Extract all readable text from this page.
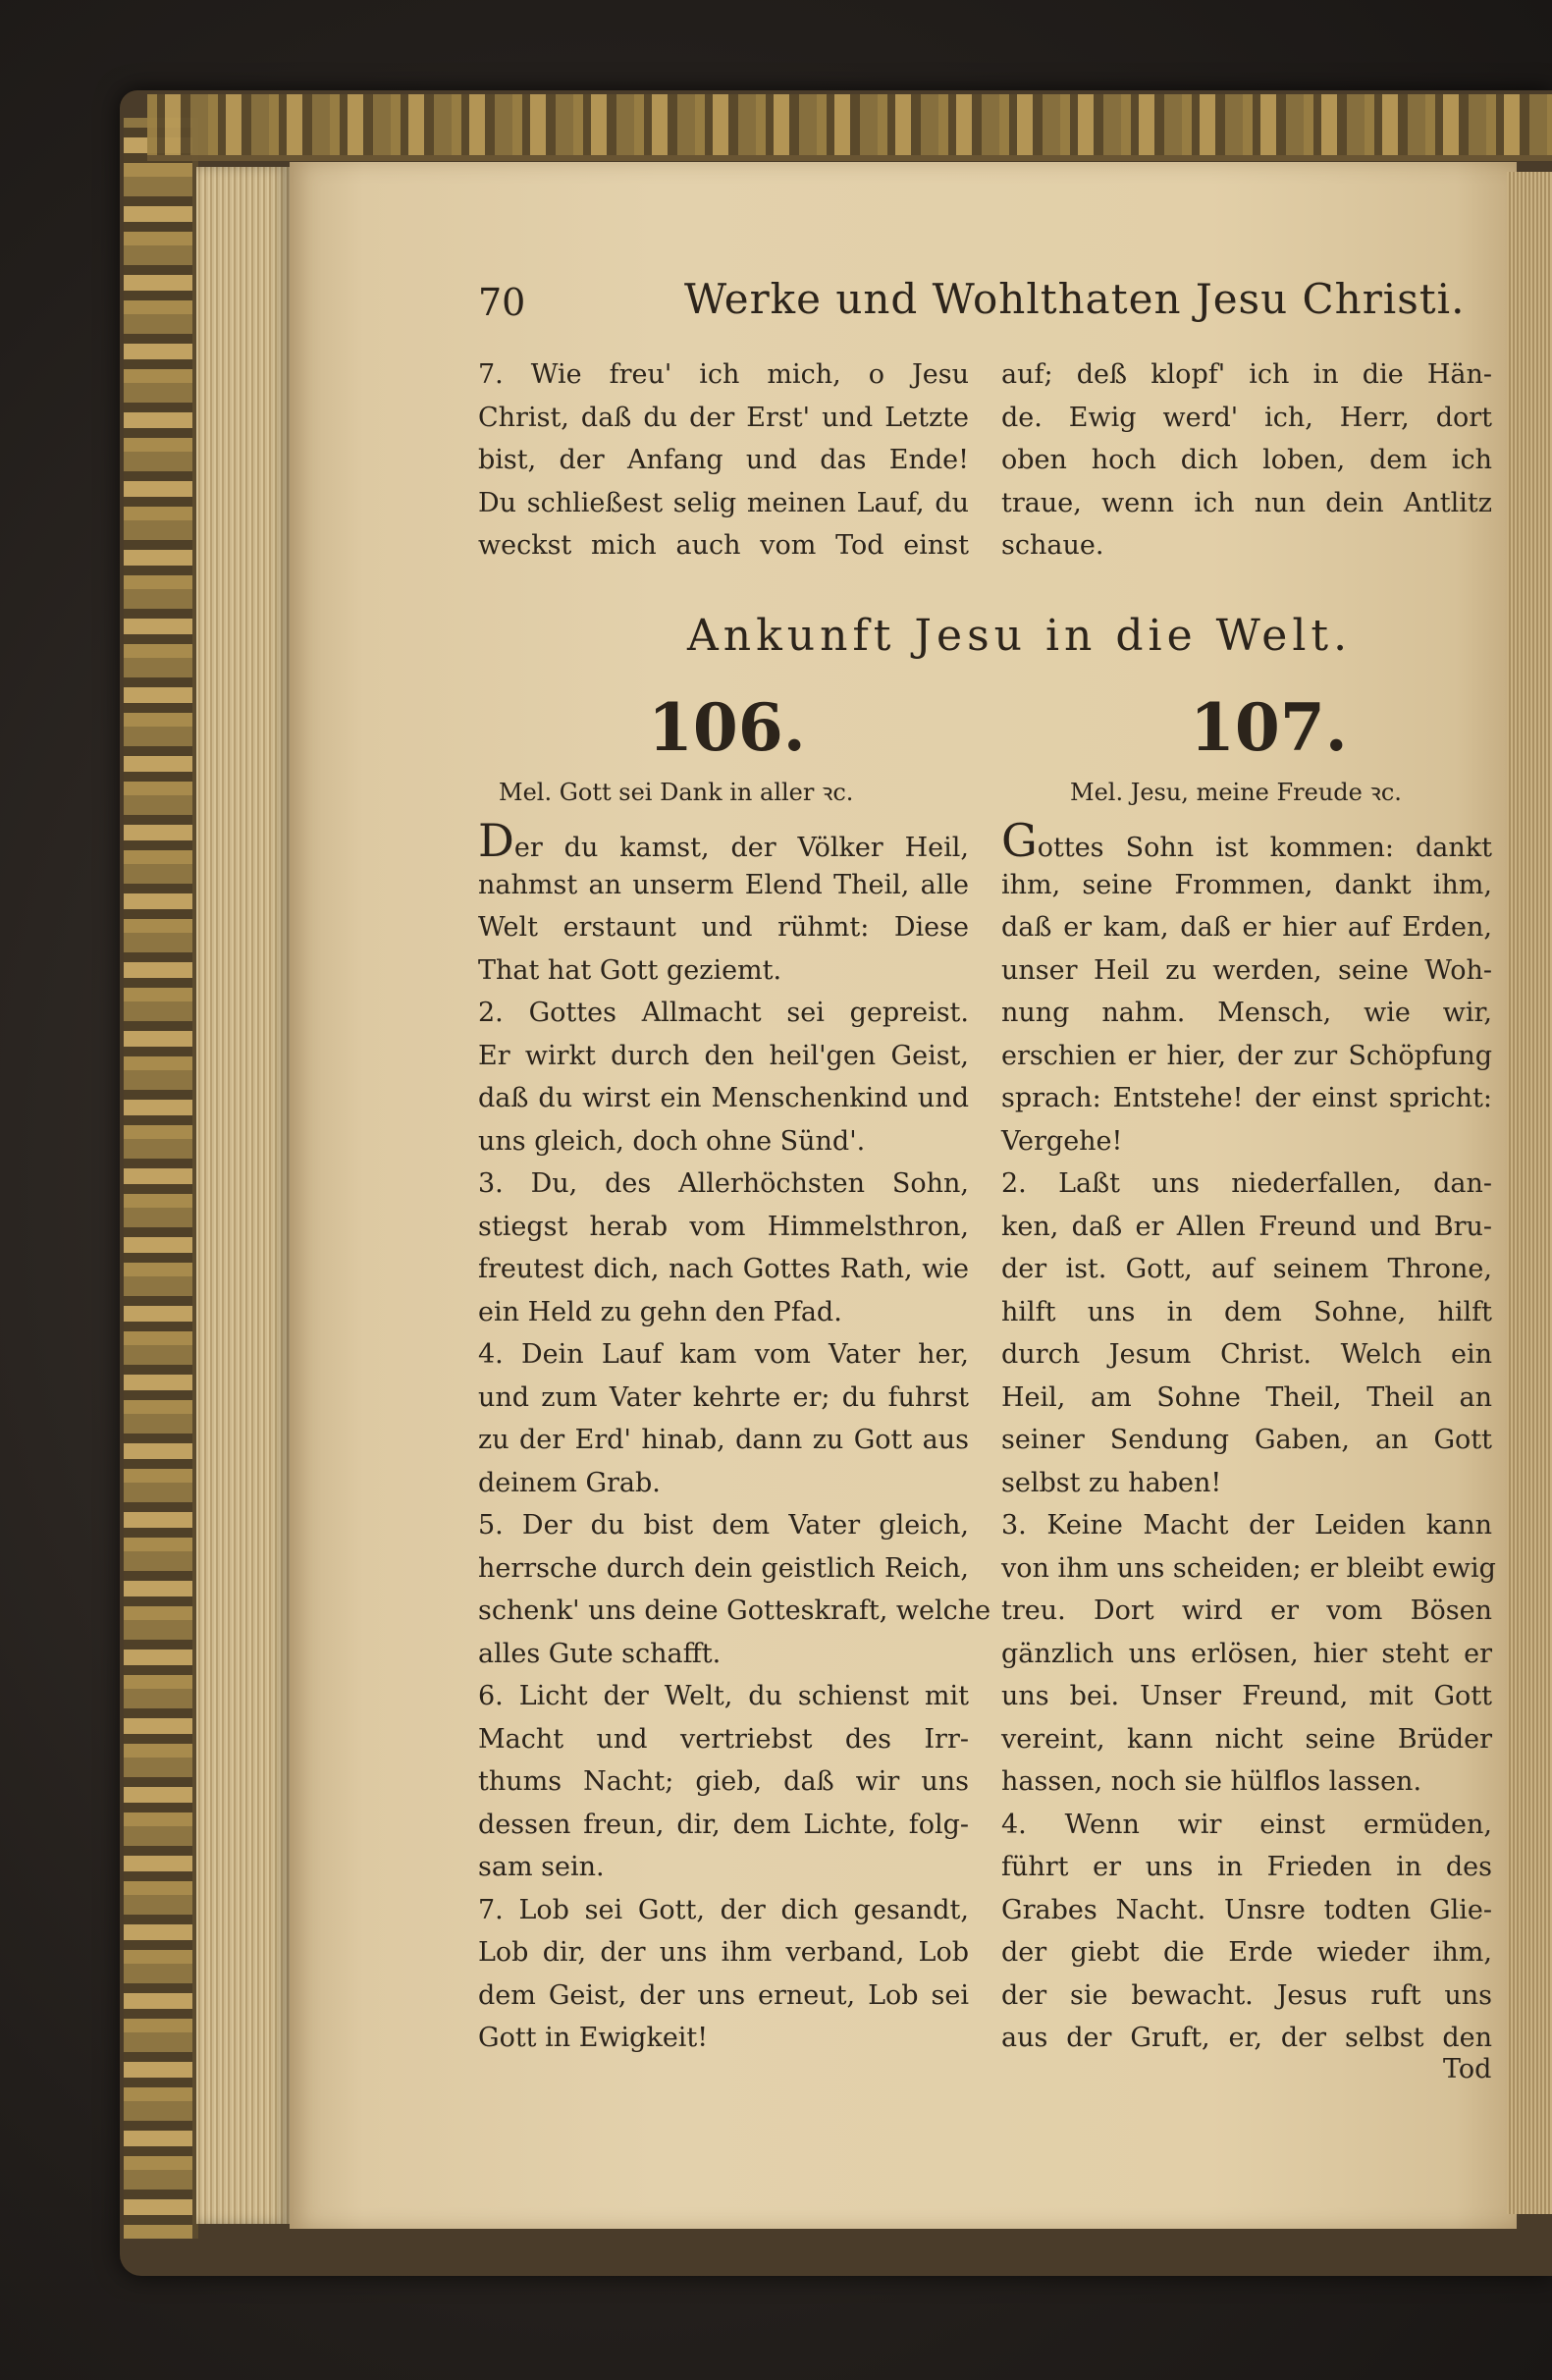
70	Werke und Wohlthaten Jesu Christi.
7. Wie freu' ich mich, o Jesu
Christ, daß du der Erst' und Letzte
bist, der Anfang und das Ende!
Du schließest selig meinen Lauf, du
weckst mich auch vom Tod einst
auf; deß klopf' ich in die Hän-
de. Ewig werd' ich, Herr, dort
oben hoch dich loben, dem ich
traue, wenn ich nun dein Antlitz
schaue.
Ankunft Jesu in die Welt.
106.	107.
Mel. Gott sei Dank in aller ꝛc.	Mel. Jesu, meine Freude ꝛc.
Der du kamst, der Völker Heil,
nahmst an unserm Elend Theil, alle
Welt erstaunt und rühmt: Diese
That hat Gott geziemt.
2. Gottes Allmacht sei gepreist.
Er wirkt durch den heil'gen Geist,
daß du wirst ein Menschenkind und
uns gleich, doch ohne Sünd'.
3. Du, des Allerhöchsten Sohn,
stiegst herab vom Himmelsthron,
freutest dich, nach Gottes Rath, wie
ein Held zu gehn den Pfad.
4. Dein Lauf kam vom Vater her,
und zum Vater kehrte er; du fuhrst
zu der Erd' hinab, dann zu Gott aus
deinem Grab.
5. Der du bist dem Vater gleich,
herrsche durch dein geistlich Reich,
schenk' uns deine Gotteskraft, welche
alles Gute schafft.
6. Licht der Welt, du schienst mit
Macht und vertriebst des Irr-
thums Nacht; gieb, daß wir uns
dessen freun, dir, dem Lichte, folg-
sam sein.
7. Lob sei Gott, der dich gesandt,
Lob dir, der uns ihm verband, Lob
dem Geist, der uns erneut, Lob sei
Gott in Ewigkeit!
Gottes Sohn ist kommen: dankt
ihm, seine Frommen, dankt ihm,
daß er kam, daß er hier auf Erden,
unser Heil zu werden, seine Woh-
nung nahm. Mensch, wie wir,
erschien er hier, der zur Schöpfung
sprach: Entstehe! der einst spricht:
Vergehe!
2. Laßt uns niederfallen, dan-
ken, daß er Allen Freund und Bru-
der ist. Gott, auf seinem Throne,
hilft uns in dem Sohne, hilft
durch Jesum Christ. Welch ein
Heil, am Sohne Theil, Theil an
seiner Sendung Gaben, an Gott
selbst zu haben!
3. Keine Macht der Leiden kann
von ihm uns scheiden; er bleibt ewig
treu. Dort wird er vom Bösen
gänzlich uns erlösen, hier steht er
uns bei. Unser Freund, mit Gott
vereint, kann nicht seine Brüder
hassen, noch sie hülflos lassen.
4. Wenn wir einst ermüden,
führt er uns in Frieden in des
Grabes Nacht. Unsre todten Glie-
der giebt die Erde wieder ihm,
der sie bewacht. Jesus ruft uns
aus der Gruft, er, der selbst den
Tod
